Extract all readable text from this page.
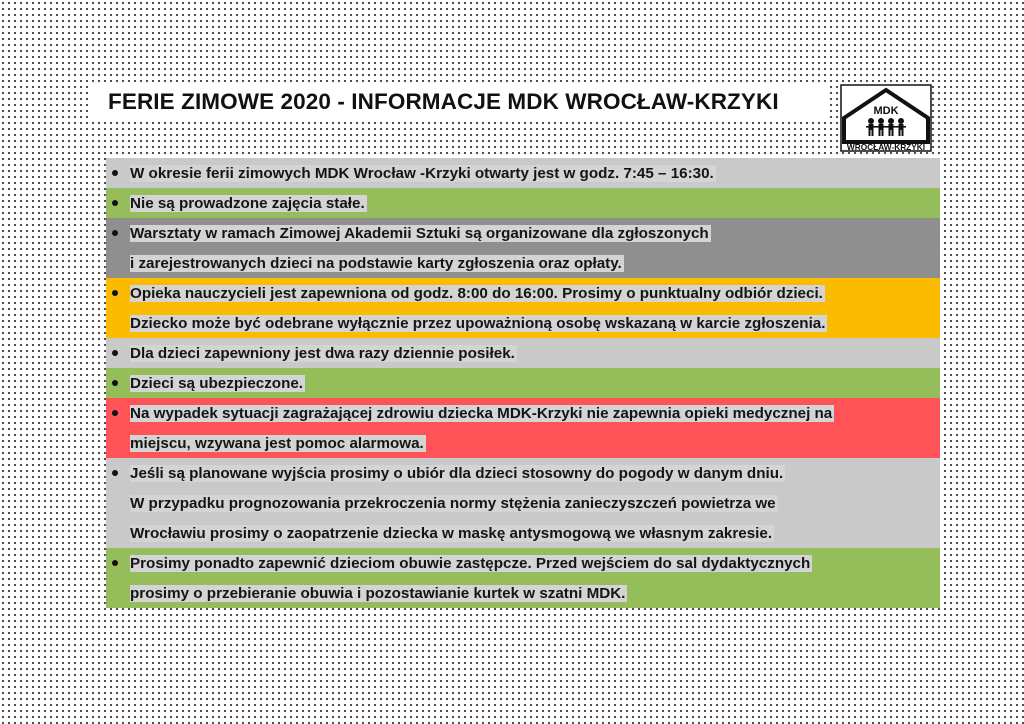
FERIE ZIMOWE 2020 - INFORMACJE MDK WROCŁAW-KRZYKI	MDK
WROCŁAW-KRZYKI
W okresie ferii zimowych MDK Wrocław -Krzyki otwarty jest w godz. 7:45 – 16:30.
Nie są prowadzone zajęcia stałe.
Warsztaty w ramach Zimowej Akademii Sztuki są organizowane dla zgłoszonych
i zarejestrowanych dzieci na podstawie karty zgłoszenia oraz opłaty.
Opieka nauczycieli jest zapewniona od godz. 8:00 do 16:00. Prosimy o punktualny odbiór dzieci.
Dziecko może być odebrane wyłącznie przez upoważnioną osobę wskazaną w karcie zgłoszenia.
Dla dzieci zapewniony jest dwa razy dziennie posiłek.
Dzieci są ubezpieczone.
Na wypadek sytuacji zagrażającej zdrowiu dziecka MDK-Krzyki nie zapewnia opieki medycznej na
miejscu, wzywana jest pomoc alarmowa.
Jeśli są planowane wyjścia prosimy o ubiór dla dzieci stosowny do pogody w danym dniu.
W przypadku prognozowania przekroczenia normy stężenia zanieczyszczeń powietrza we
Wrocławiu prosimy o zaopatrzenie dziecka w maskę antysmogową we własnym zakresie.
Prosimy ponadto zapewnić dzieciom obuwie zastępcze. Przed wejściem do sal dydaktycznych
prosimy o przebieranie obuwia i pozostawianie kurtek w szatni MDK.
